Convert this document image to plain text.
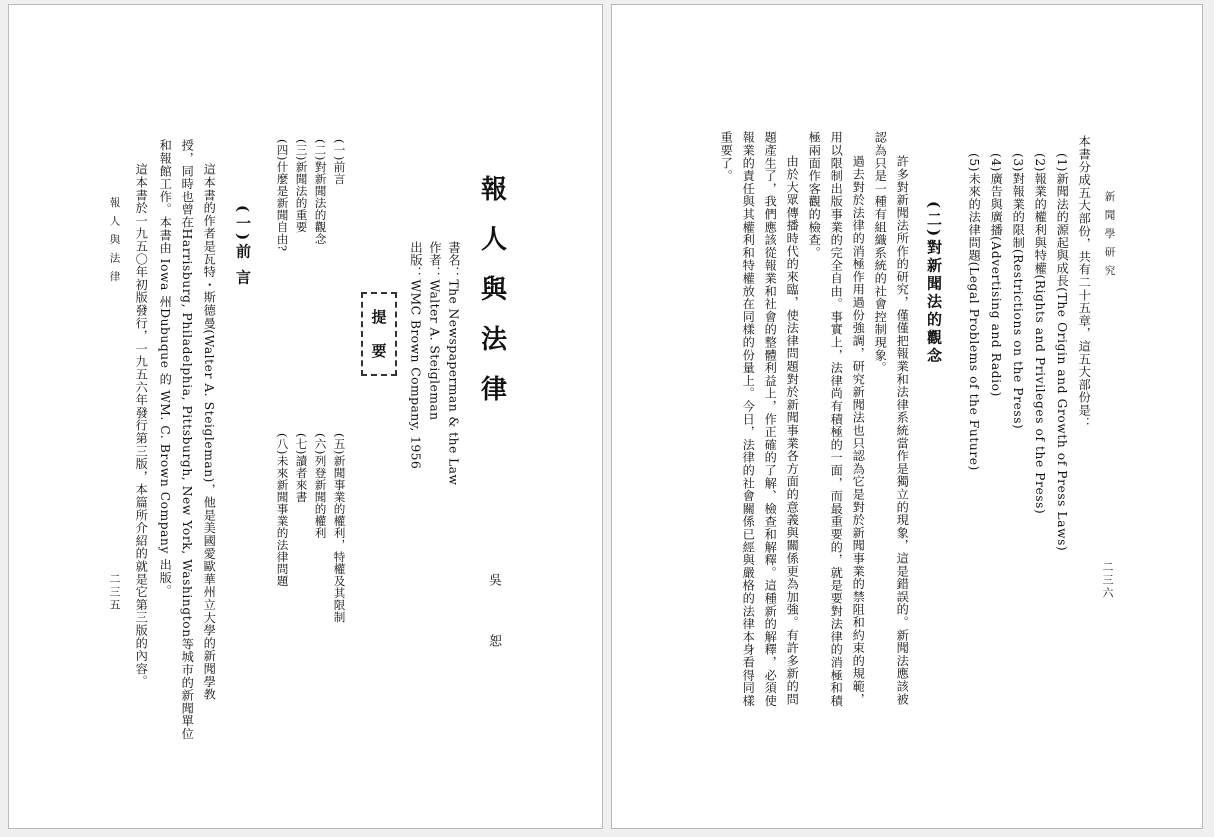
報
人
與
法
律
書名：The Newspaperman & the Law
作者：Walter A. Steigleman
出版：WMC Brown Company, 1956
吳 恕
提
要
(一)前言
(二)對新聞法的觀念
(三)新聞法的重要
(四)什麼是新聞自由?
(五)新聞事業的權利，特權及其限制
(六)列登新聞的權利
(七)讀者來書
(八)未來新聞事業的法律問題
(一)前 言
這本書的作者是瓦特・斯德曼(Walter A. Steigleman)，他是美國愛歐華州立大學的新聞學教
授，同時也曾在Harrisburg, Philadelphia, Pittsburgh, New York, Washington等城市的新聞單位
和報館工作。本書由 Iowa 州Dubuque 的 WM. C. Brown Company 出版。
這本書於一九五〇年初版發行，一九五六年發行第三版，本篇所介紹的就是它第三版的內容。
報人與法律
二三五
新聞學研究
二三六
本書分成五大部份，共有二十五章，這五大部份是：
(1)新聞法的源起與成長(The Origin and Growth of Press Laws)
(2)報業的權利與特權(Rights and Privileges of the Press)
(3)對報業的限制(Restrictions on the Press)
(4)廣告與廣播(Advertising and Radio)
(5)未來的法律問題(Legal Problems of the Future)
(二)對新聞法的觀念
許多對新聞法所作的研究，僅僅把報業和法律系統當作是獨立的現象，這是錯誤的。新聞法應該被
認為只是一種有組織系統的社會控制現象。
過去對於法律的消極作用過份強調，研究新聞法也只認為它是對於新聞事業的禁阻和約束的規範，
用以限制出版事業的完全自由。事實上，法律尚有積極的一面，而最重要的，就是要對法律的消極和積
極兩面作客觀的檢查。
由於大眾傳播時代的來臨，使法律問題對於新聞事業各方面的意義與關係更為加強。有許多新的問
題產生了，我們應該從報業和社會的整體利益上，作正確的了解、檢查和解釋。這種新的解釋，必須使
報業的責任與其權利和特權放在同樣的份量上。今日，法律的社會關係已經與嚴格的法律本身看得同樣
重要了。
